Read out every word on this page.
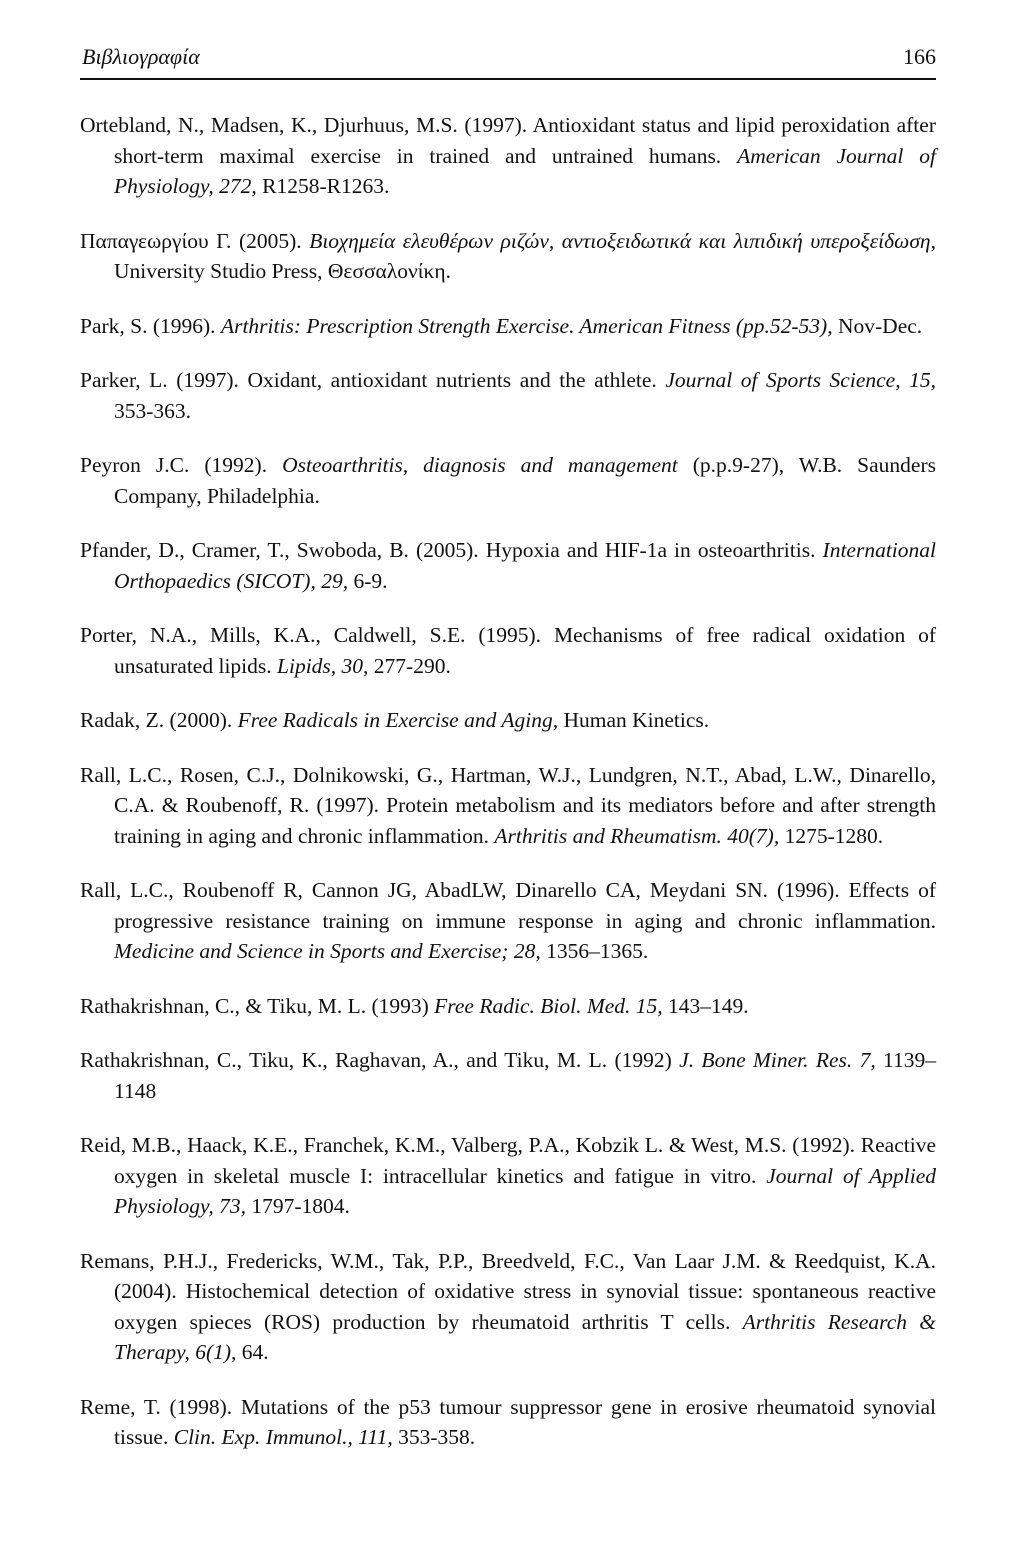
Βιβλιογραφία	166

Ortebland, N., Madsen, K., Djurhuus, M.S. (1997). Antioxidant status and lipid peroxidation after short-term maximal exercise in trained and untrained humans. American Journal of Physiology, 272, R1258-R1263.

Παπαγεωργίου Γ. (2005). Βιοχημεία ελευθέρων ριζών, αντιοξειδωτικά και λιπιδική υπεροξείδωση, University Studio Press, Θεσσαλονίκη.

Park, S. (1996). Arthritis: Prescription Strength Exercise. American Fitness (pp.52-53), Nov-Dec.

Parker, L. (1997). Oxidant, antioxidant nutrients and the athlete. Journal of Sports Science, 15, 353-363.

Peyron J.C. (1992). Osteoarthritis, diagnosis and management (p.p.9-27), W.B. Saunders Company, Philadelphia.

Pfander, D., Cramer, T., Swoboda, B. (2005). Hypoxia and HIF-1a in osteoarthritis. International Orthopaedics (SICOT), 29, 6-9.

Porter, N.A., Mills, K.A., Caldwell, S.E. (1995). Mechanisms of free radical oxidation of unsaturated lipids. Lipids, 30, 277-290.

Radak, Z. (2000). Free Radicals in Exercise and Aging, Human Kinetics.

Rall, L.C., Rosen, C.J., Dolnikowski, G., Hartman, W.J., Lundgren, N.T., Abad, L.W., Dinarello, C.A. & Roubenoff, R. (1997). Protein metabolism and its mediators before and after strength training in aging and chronic inflammation. Arthritis and Rheumatism. 40(7), 1275-1280.

Rall, L.C., Roubenoff R, Cannon JG, AbadLW, Dinarello CA, Meydani SN. (1996). Effects of progressive resistance training on immune response in aging and chronic inflammation. Medicine and Science in Sports and Exercise; 28, 1356–1365.

Rathakrishnan, C., & Tiku, M. L. (1993) Free Radic. Biol. Med. 15, 143–149.

Rathakrishnan, C., Tiku, K., Raghavan, A., and Tiku, M. L. (1992) J. Bone Miner. Res. 7, 1139–1148

Reid, M.B., Haack, K.E., Franchek, K.M., Valberg, P.A., Kobzik L. & West, M.S. (1992). Reactive oxygen in skeletal muscle I: intracellular kinetics and fatigue in vitro. Journal of Applied Physiology, 73, 1797-1804.

Remans, P.H.J., Fredericks, W.M., Tak, P.P., Breedveld, F.C., Van Laar J.M. & Reedquist, K.A. (2004). Histochemical detection of oxidative stress in synovial tissue: spontaneous reactive oxygen spieces (ROS) production by rheumatoid arthritis T cells. Arthritis Research & Therapy, 6(1), 64.

Reme, T. (1998). Mutations of the p53 tumour suppressor gene in erosive rheumatoid synovial tissue. Clin. Exp. Immunol., 111, 353-358.
